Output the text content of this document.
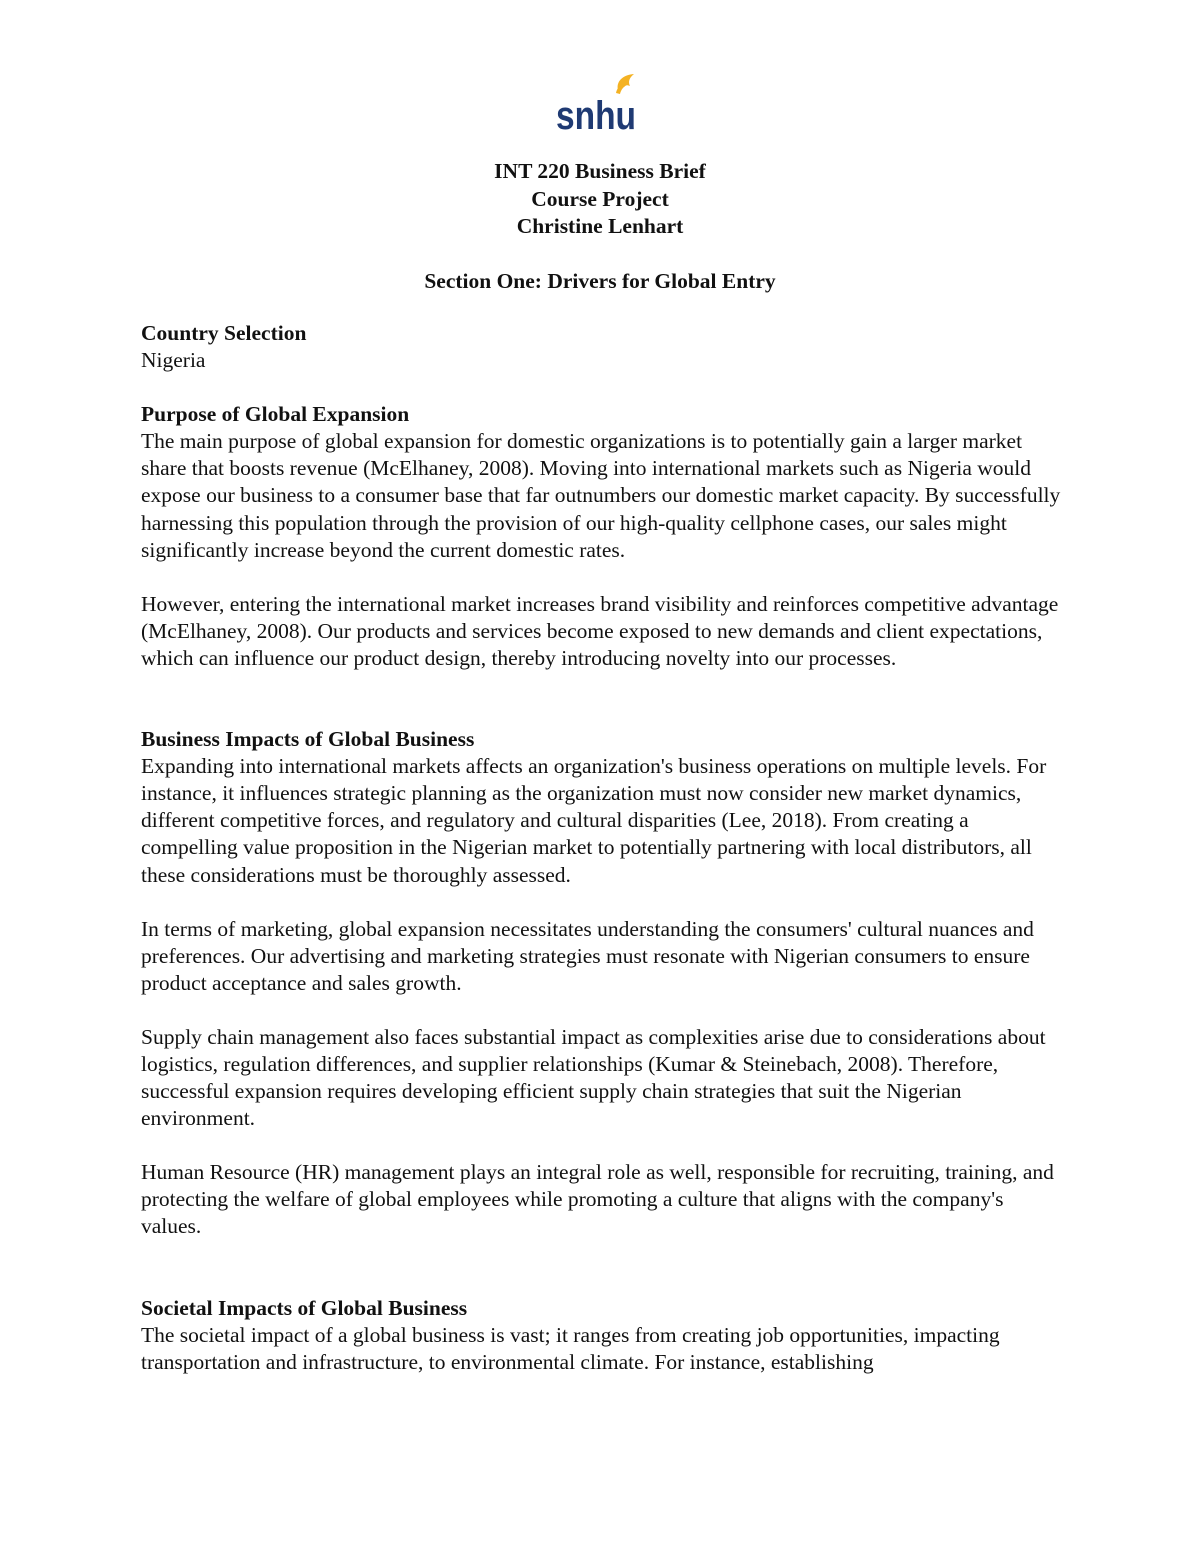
snhu
INT 220 Business Brief
Course Project
Christine Lenhart
Section One: Drivers for Global Entry
Country Selection

Nigeria

Purpose of Global Expansion

The main purpose of global expansion for domestic organizations is to potentially gain a larger market share that boosts revenue (McElhaney, 2008). Moving into international markets such as Nigeria would expose our business to a consumer base that far outnumbers our domestic market capacity. By successfully harnessing this population through the provision of our high-quality cellphone cases, our sales might significantly increase beyond the current domestic rates.

However, entering the international market increases brand visibility and reinforces competitive advantage (McElhaney, 2008). Our products and services become exposed to new demands and client expectations, which can influence our product design, thereby introducing novelty into our processes.

Business Impacts of Global Business

Expanding into international markets affects an organization's business operations on multiple levels. For instance, it influences strategic planning as the organization must now consider new market dynamics, different competitive forces, and regulatory and cultural disparities (Lee, 2018). From creating a compelling value proposition in the Nigerian market to potentially partnering with local distributors, all these considerations must be thoroughly assessed.

In terms of marketing, global expansion necessitates understanding the consumers' cultural nuances and preferences. Our advertising and marketing strategies must resonate with Nigerian consumers to ensure product acceptance and sales growth.

Supply chain management also faces substantial impact as complexities arise due to considerations about logistics, regulation differences, and supplier relationships (Kumar & Steinebach, 2008). Therefore, successful expansion requires developing efficient supply chain strategies that suit the Nigerian environment.

Human Resource (HR) management plays an integral role as well, responsible for recruiting, training, and protecting the welfare of global employees while promoting a culture that aligns with the company's values.

Societal Impacts of Global Business

The societal impact of a global business is vast; it ranges from creating job opportunities, impacting transportation and infrastructure, to environmental climate. For instance, establishing
